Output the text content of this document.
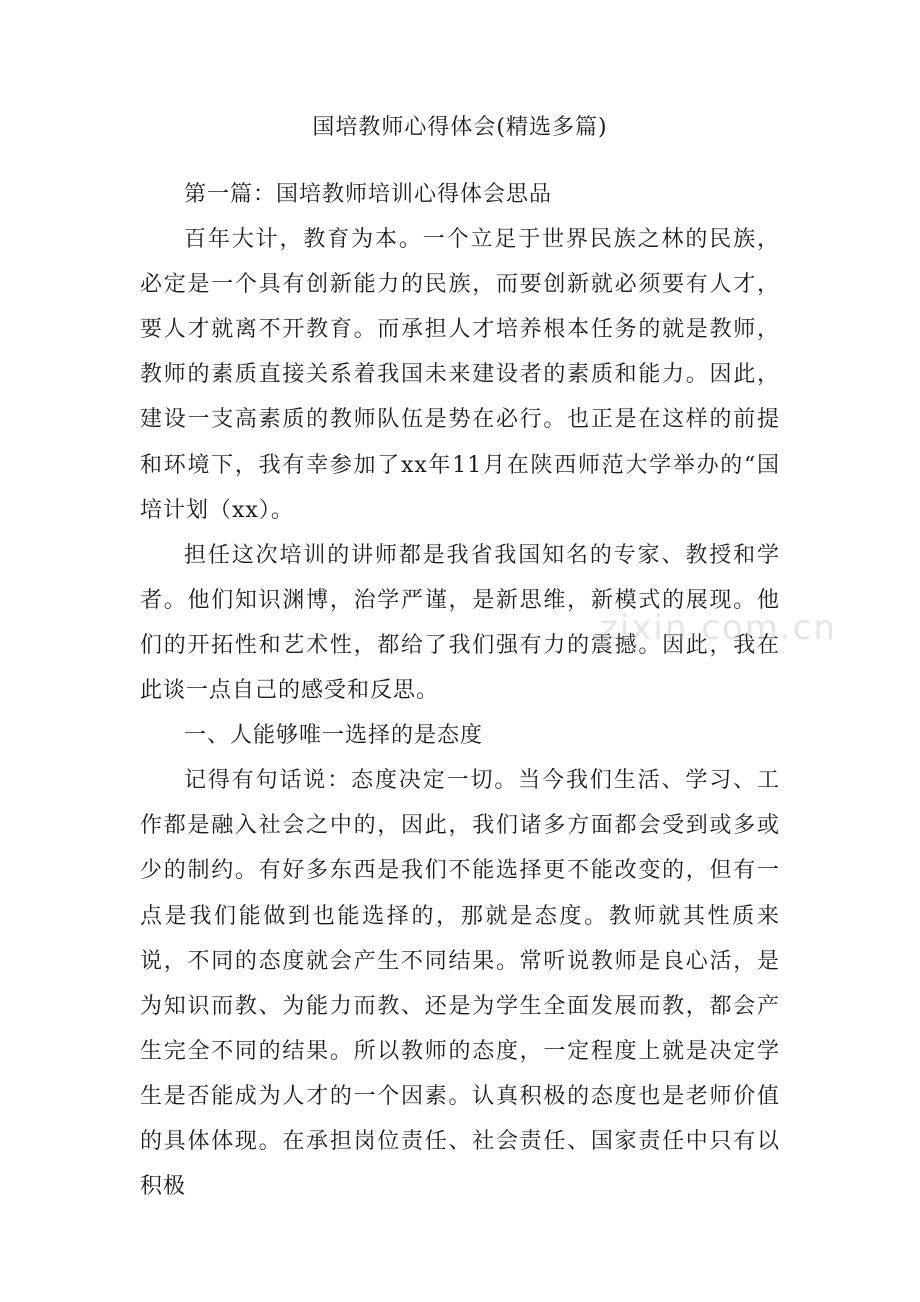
国培教师心得体会(精选多篇)

第一篇：国培教师培训心得体会思品

百年大计，教育为本。一个立足于世界民族之林的民族，必定是一个具有创新能力的民族，而要创新就必须要有人才，要人才就离不开教育。而承担人才培养根本任务的就是教师，教师的素质直接关系着我国未来建设者的素质和能力。因此，建设一支高素质的教师队伍是势在必行。也正是在这样的前提和环境下，我有幸参加了xx年11月在陕西师范大学举办的“国培计划（xx）。

担任这次培训的讲师都是我省我国知名的专家、教授和学者。他们知识渊博，治学严谨，是新思维，新模式的展现。他们的开拓性和艺术性，都给了我们强有力的震撼。因此，我在此谈一点自己的感受和反思。

一、人能够唯一选择的是态度

记得有句话说：态度决定一切。当今我们生活、学习、工作都是融入社会之中的，因此，我们诸多方面都会受到或多或少的制约。有好多东西是我们不能选择更不能改变的，但有一点是我们能做到也能选择的，那就是态度。教师就其性质来说，不同的态度就会产生不同结果。常听说教师是良心活，是为知识而教、为能力而教、还是为学生全面发展而教，都会产生完全不同的结果。所以教师的态度，一定程度上就是决定学生是否能成为人才的一个因素。认真积极的态度也是老师价值的具体体现。在承担岗位责任、社会责任、国家责任中只有以积极

zixin.com.cn
